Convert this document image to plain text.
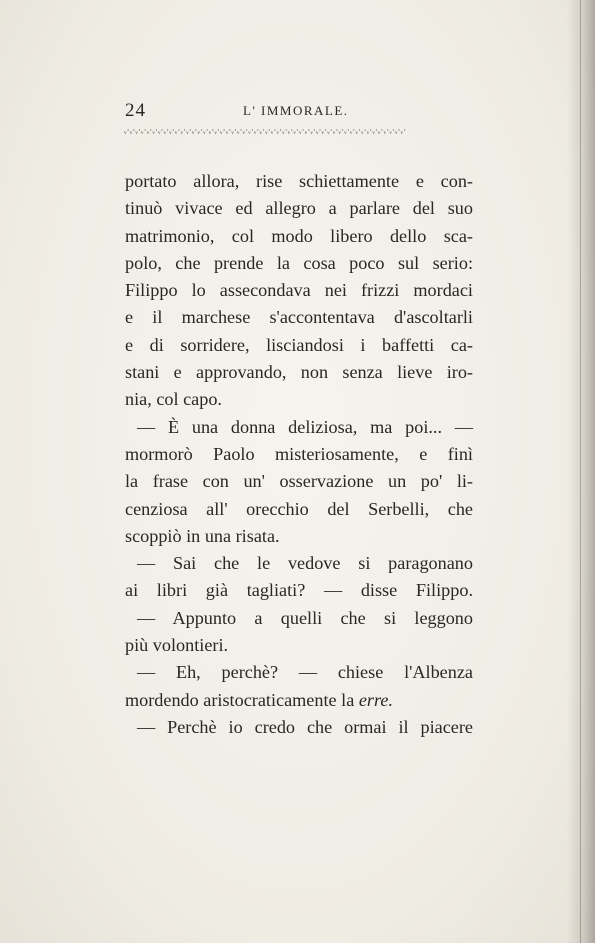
24	L' IMMORALE.
ᵥ·ᵥ·ᵥ·ᵥ·ᵥ·ᵥ·ᵥ·ᵥ·ᵥ·ᵥ·ᵥ·ᵥ·ᵥ·ᵥ·ᵥ·ᵥ·ᵥ·ᵥ·ᵥ·ᵥ·ᵥ·ᵥ·ᵥ·ᵥ·ᵥ·ᵥ·ᵥ·ᵥ·ᵥ·ᵥ·ᵥ·ᵥ·ᵥ·ᵥ·ᵥ·ᵥ·ᵥ·ᵥ·ᵥ·ᵥ·ᵥ·ᵥ·ᵥ·ᵥ·ᵥ·ᵥ·ᵥ·ᵥ·ᵥ·ᵥ·
portato allora, rise schiettamente e con-
tinuò vivace ed allegro a parlare del suo
matrimonio, col modo libero dello sca-
polo, che prende la cosa poco sul serio:
Filippo lo assecondava nei frizzi mordaci
e il marchese s'accontentava d'ascoltarli
e di sorridere, lisciandosi i baffetti ca-
stani e approvando, non senza lieve iro-
nia, col capo.
— È una donna deliziosa, ma poi... —
mormorò Paolo misteriosamente, e finì
la frase con un' osservazione un po' li-
cenziosa all' orecchio del Serbelli, che
scoppiò in una risata.
— Sai che le vedove si paragonano
ai libri già tagliati? — disse Filippo.
— Appunto a quelli che si leggono
più volontieri.
— Eh, perchè? — chiese l'Albenza
mordendo aristocraticamente la erre.
— Perchè io credo che ormai il piacere
